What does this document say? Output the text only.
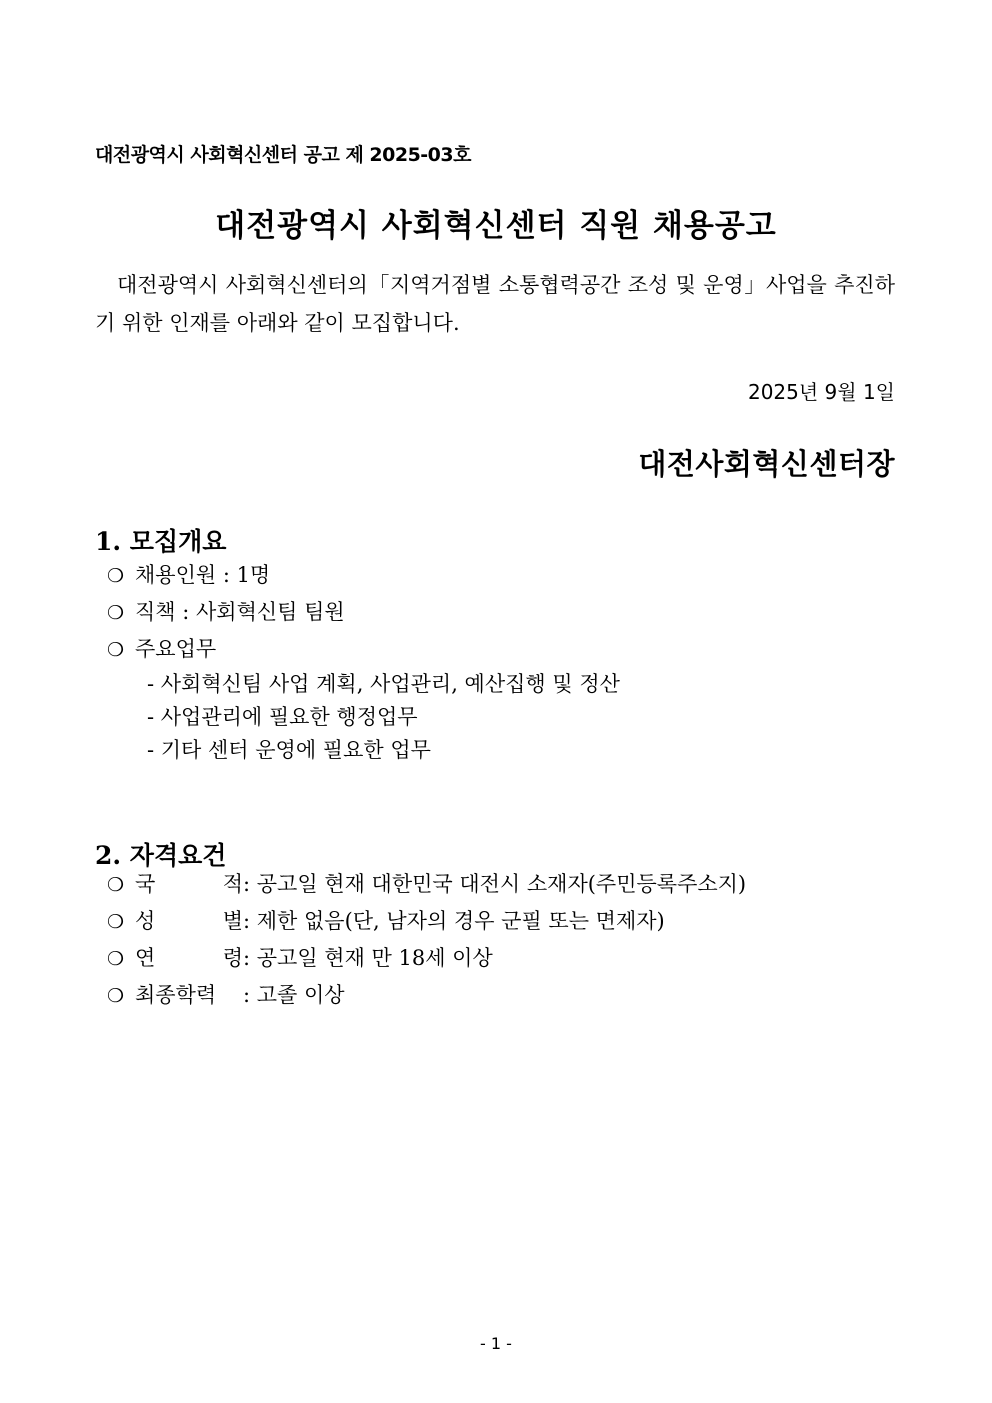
대전광역시 사회혁신센터 공고 제 2025-03호
대전광역시 사회혁신센터 직원 채용공고
대전광역시 사회혁신센터의「지역거점별 소통협력공간 조성 및 운영」사업을 추진하기 위한 인재를 아래와 같이 모집합니다.
2025년 9월 1일
대전사회혁신센터장
1. 모집개요
❍ 채용인원 : 1명
❍ 직책 : 사회혁신팀 팀원
❍ 주요업무
- 사회혁신팀 사업 계획, 사업관리, 예산집행 및 정산
- 사업관리에 필요한 행정업무
- 기타 센터 운영에 필요한 업무
2. 자격요건
❍ 국 적: 공고일 현재 대한민국 대전시 소재자(주민등록주소지)
❍ 성 별: 제한 없음(단, 남자의 경우 군필 또는 면제자)
❍ 연 령: 공고일 현재 만 18세 이상
❍ 최종학력 : 고졸 이상
- 1 -
